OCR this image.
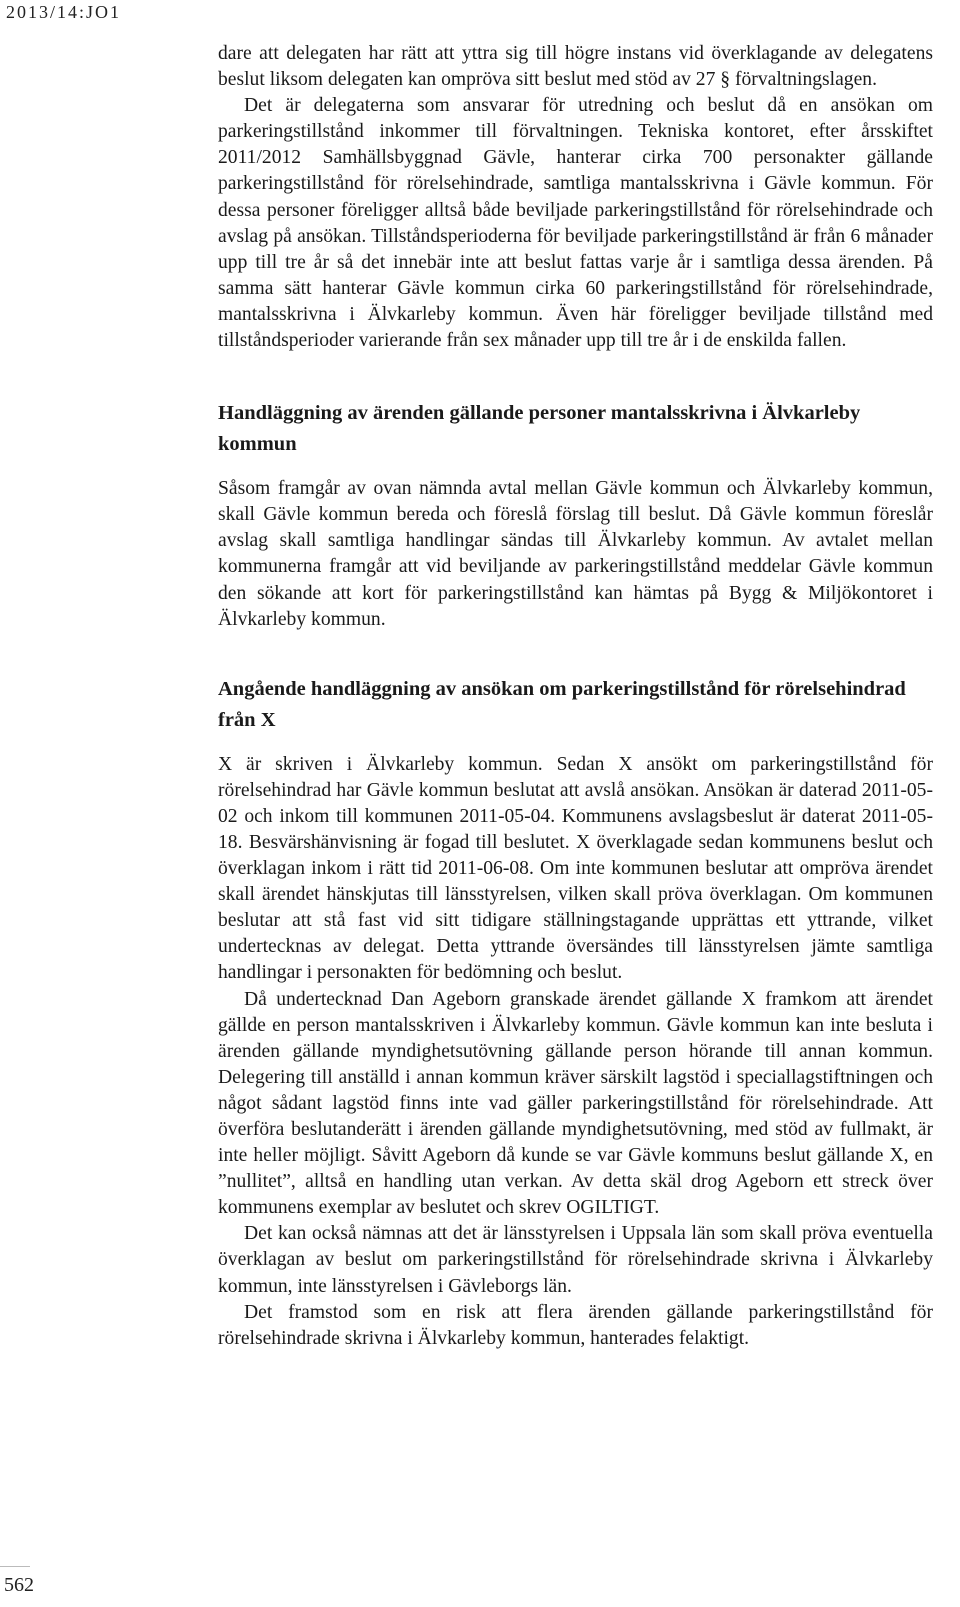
2013/14:JO1

dare att delegaten har rätt att yttra sig till högre instans vid överklagande av delegatens beslut liksom delegaten kan ompröva sitt beslut med stöd av 27 § förvaltningslagen.

Det är delegaterna som ansvarar för utredning och beslut då en ansökan om parkeringstillstånd inkommer till förvaltningen. Tekniska kontoret, efter årsskiftet 2011/2012 Samhällsbyggnad Gävle, hanterar cirka 700 personakter gällande parkeringstillstånd för rörelsehindrade, samtliga mantalsskrivna i Gävle kommun. För dessa personer föreligger alltså både beviljade parkeringstillstånd för rörelsehindrade och avslag på ansökan. Tillståndsperioderna för beviljade parkeringstillstånd är från 6 månader upp till tre år så det innebär inte att beslut fattas varje år i samtliga dessa ärenden. På samma sätt hanterar Gävle kommun cirka 60 parkeringstillstånd för rörelsehindrade, mantalsskrivna i Älvkarleby kommun. Även här föreligger beviljade tillstånd med tillståndsperioder varierande från sex månader upp till tre år i de enskilda fallen.

Handläggning av ärenden gällande personer mantalsskrivna i Älvkarleby kommun

Såsom framgår av ovan nämnda avtal mellan Gävle kommun och Älvkarleby kommun, skall Gävle kommun bereda och föreslå förslag till beslut. Då Gävle kommun föreslår avslag skall samtliga handlingar sändas till Älvkarleby kommun. Av avtalet mellan kommunerna framgår att vid beviljande av parkeringstillstånd meddelar Gävle kommun den sökande att kort för parkeringstillstånd kan hämtas på Bygg & Miljökontoret i Älvkarleby kommun.

Angående handläggning av ansökan om parkeringstillstånd för rörelsehindrad från X

X är skriven i Älvkarleby kommun. Sedan X ansökt om parkeringstillstånd för rörelsehindrad har Gävle kommun beslutat att avslå ansökan. Ansökan är daterad 2011-05-02 och inkom till kommunen 2011-05-04. Kommunens avslagsbeslut är daterat 2011-05-18. Besvärshänvisning är fogad till beslutet. X överklagade sedan kommunens beslut och överklagan inkom i rätt tid 2011-06-08. Om inte kommunen beslutar att ompröva ärendet skall ärendet hänskjutas till länsstyrelsen, vilken skall pröva överklagan. Om kommunen beslutar att stå fast vid sitt tidigare ställningstagande upprättas ett yttrande, vilket undertecknas av delegat. Detta yttrande översändes till länsstyrelsen jämte samtliga handlingar i personakten för bedömning och beslut.

Då undertecknad Dan Ageborn granskade ärendet gällande X framkom att ärendet gällde en person mantalsskriven i Älvkarleby kommun. Gävle kommun kan inte besluta i ärenden gällande myndighetsutövning gällande person hörande till annan kommun. Delegering till anställd i annan kommun kräver särskilt lagstöd i speciallagstiftningen och något sådant lagstöd finns inte vad gäller parkeringstillstånd för rörelsehindrade. Att överföra beslutanderätt i ärenden gällande myndighetsutövning, med stöd av fullmakt, är inte heller möjligt. Såvitt Ageborn då kunde se var Gävle kommuns beslut gällande X, en ”nullitet”, alltså en handling utan verkan. Av detta skäl drog Ageborn ett streck över kommunens exemplar av beslutet och skrev OGILTIGT.

Det kan också nämnas att det är länsstyrelsen i Uppsala län som skall pröva eventuella överklagan av beslut om parkeringstillstånd för rörelsehindrade skrivna i Älvkarleby kommun, inte länsstyrelsen i Gävleborgs län.

Det framstod som en risk att flera ärenden gällande parkeringstillstånd för rörelsehindrade skrivna i Älvkarleby kommun, hanterades felaktigt.

562
